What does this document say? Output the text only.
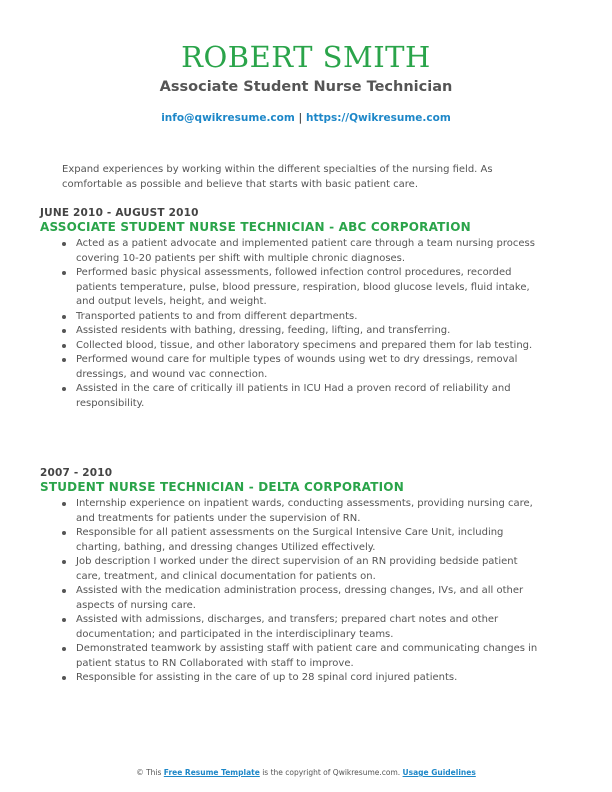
ROBERT SMITH
Associate Student Nurse Technician
info@qwikresume.com | https://Qwikresume.com

Expand experiences by working within the different specialties of the nursing field. As comfortable as possible and believe that starts with basic patient care.

JUNE 2010 - AUGUST 2010

ASSOCIATE STUDENT NURSE TECHNICIAN - ABC CORPORATION

Acted as a patient advocate and implemented patient care through a team nursing process covering 10-20 patients per shift with multiple chronic diagnoses.
Performed basic physical assessments, followed infection control procedures, recorded patients temperature, pulse, blood pressure, respiration, blood glucose levels, fluid intake, and output levels, height, and weight.
Transported patients to and from different departments.
Assisted residents with bathing, dressing, feeding, lifting, and transferring.
Collected blood, tissue, and other laboratory specimens and prepared them for lab testing.
Performed wound care for multiple types of wounds using wet to dry dressings, removal dressings, and wound vac connection.
Assisted in the care of critically ill patients in ICU Had a proven record of reliability and responsibility.

2007 - 2010

STUDENT NURSE TECHNICIAN - DELTA CORPORATION

Internship experience on inpatient wards, conducting assessments, providing nursing care, and treatments for patients under the supervision of RN.
Responsible for all patient assessments on the Surgical Intensive Care Unit, including charting, bathing, and dressing changes Utilized effectively.
Job description I worked under the direct supervision of an RN providing bedside patient care, treatment, and clinical documentation for patients on.
Assisted with the medication administration process, dressing changes, IVs, and all other aspects of nursing care.
Assisted with admissions, discharges, and transfers; prepared chart notes and other documentation; and participated in the interdisciplinary teams.
Demonstrated teamwork by assisting staff with patient care and communicating changes in patient status to RN Collaborated with staff to improve.
Responsible for assisting in the care of up to 28 spinal cord injured patients.
© This Free Resume Template is the copyright of Qwikresume.com. Usage Guidelines
